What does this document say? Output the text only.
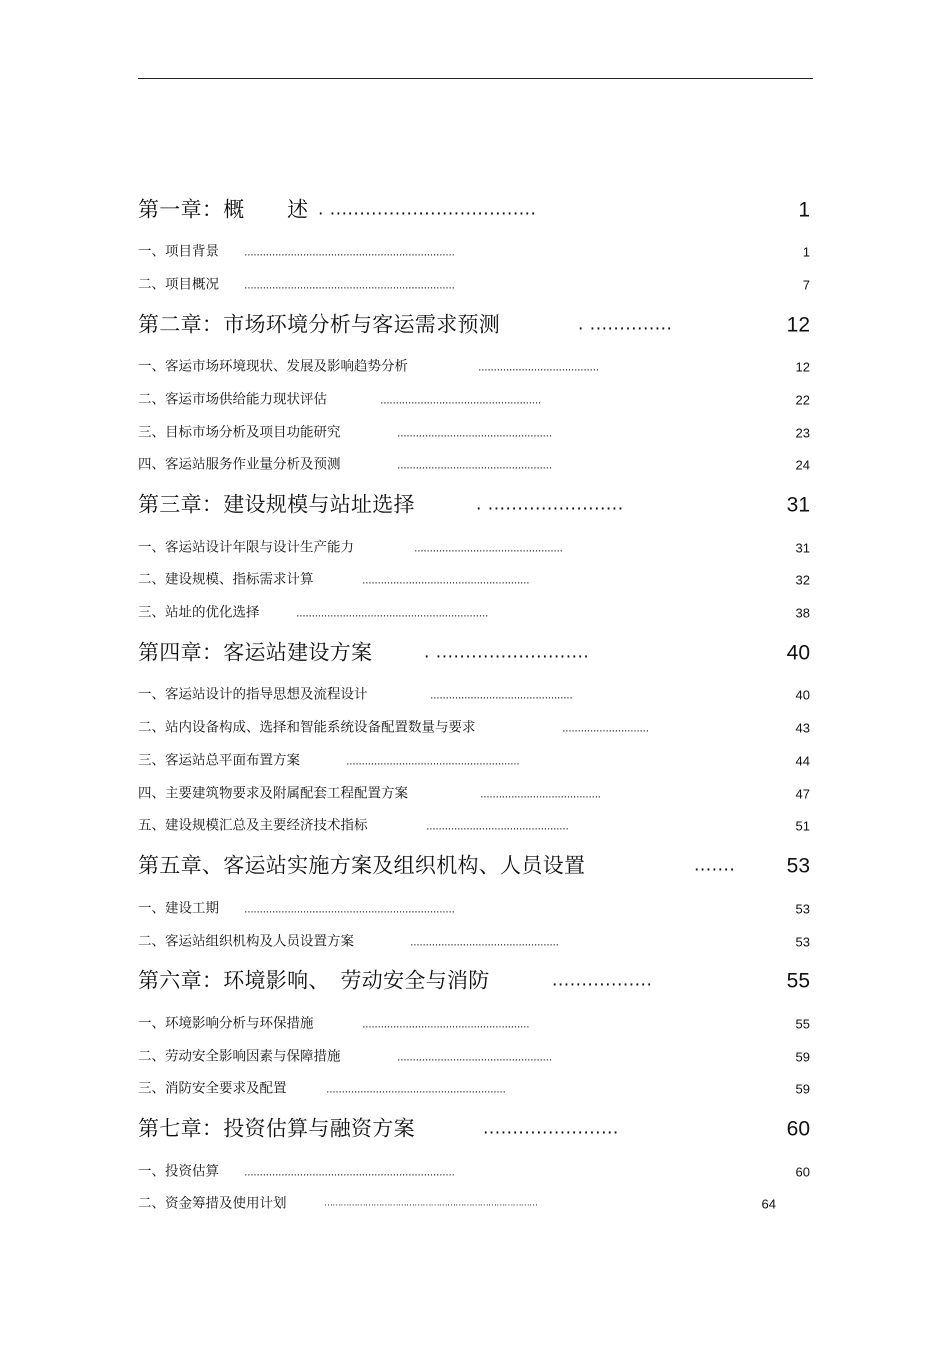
第一章：概　　述 . ...................................	1
一、项目背景 ....................................................................	1
二、项目概况 ....................................................................	7
第二章：市场环境分析与客运需求预测	. ..............	12
一、客运市场环境现状、发展及影响趋势分析	.......................................	12
二、客运市场供给能力现状评估	....................................................	22
三、目标市场分析及项目功能研究	..................................................	23
四、客运站服务作业量分析及预测	..................................................	24
第三章：建设规模与站址选择	. .......................	31
一、客运站设计年限与设计生产能力	................................................	31
二、建设规模、指标需求计算	......................................................	32
三、站址的优化选择	..............................................................	38
第四章：客运站建设方案	. ..........................	40
一、客运站设计的指导思想及流程设计	..............................................	40
二、站内设备构成、选择和智能系统设备配置数量与要求	............................	43
三、客运站总平面布置方案	........................................................	44
四、主要建筑物要求及附属配套工程配置方案	.......................................	47
五、建设规模汇总及主要经济技术指标	..............................................	51
第五章、客运站实施方案及组织机构、人员设置	....... 53
一、建设工期 ....................................................................	53
二、客运站组织机构及人员设置方案	................................................	53
第六章：环境影响、　劳动安全与消防	.................	55
一、环境影响分析与环保措施	......................................................	55
二、劳动安全影响因素与保障措施	..................................................	59
三、消防安全要求及配置	..........................................................	59
第七章：投资估算与融资方案	.......................	60
一、投资估算 ....................................................................	60
二、资金筹措及使用计划	……………………………………………………………………	64
